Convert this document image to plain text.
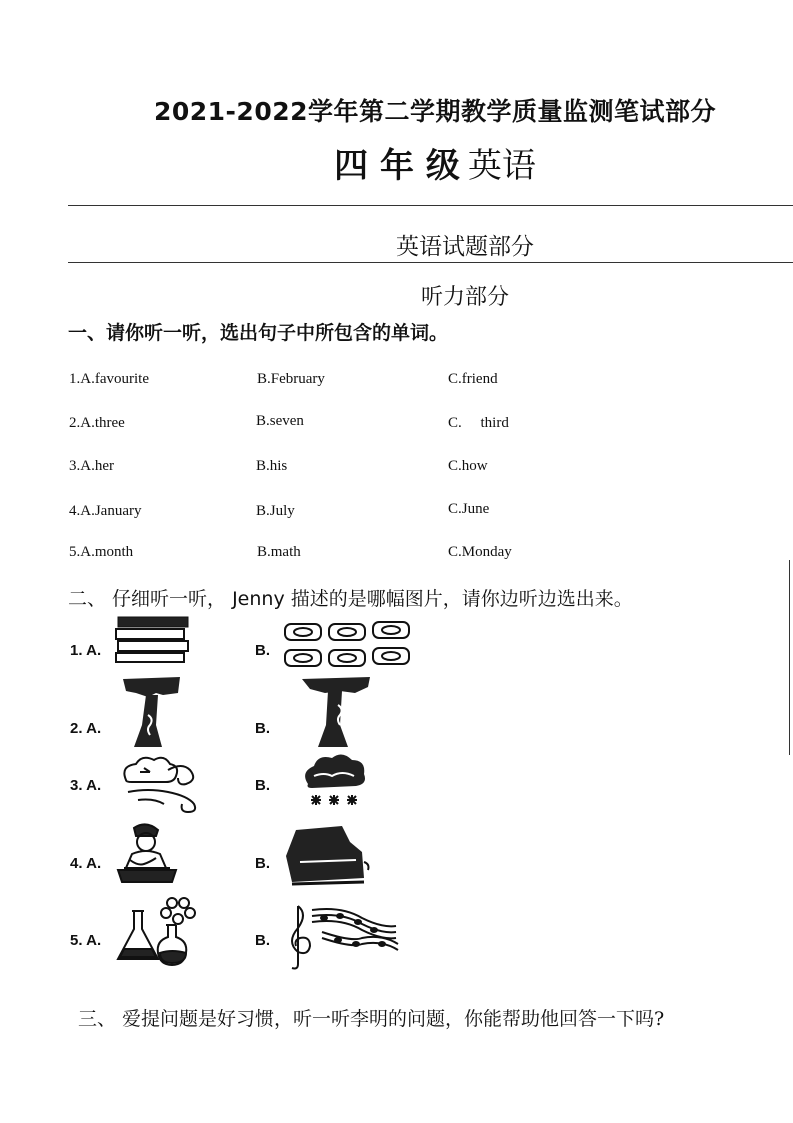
2021-2022学年第二学期教学质量监测笔试部分
四 年 级 英语
英语试题部分
听力部分
一、请你听一听，选出句子中所包含的单词。
1.A.favourite	B.February	C.friend
2.A.three	B.seven	C.     third
3.A.her	B.his	C.how
4.A.January	B.July	C.June
5.A.month	B.math	C.Monday
二、 仔细听一听， Jenny 描述的是哪幅图片，请你边听边选出来。
1. A.	B.
2. A.	B.
3. A.	B.
4. A.	B.
5. A.	B.
三、 爱提问题是好习惯，听一听李明的问题，你能帮助他回答一下吗?
